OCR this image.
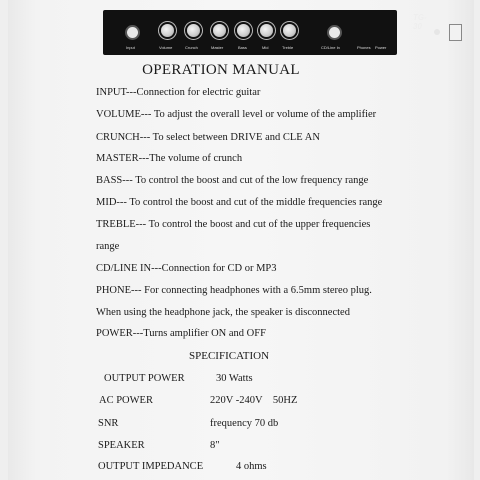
TG-30
Input	Volume	Crunch	Master	Bass	Mid	Treble	CD/Line In	Phones Power
OPERATION MANUAL
INPUT---Connection for electric guitar
VOLUME--- To adjust the overall level or volume of the amplifier
CRUNCH--- To select between DRIVE and CLE AN
MASTER---The volume of crunch
BASS--- To control the boost and cut of the low frequency range
MID--- To control the boost and cut of the middle frequencies range
TREBLE--- To control the boost and cut of the upper frequencies
range
CD/LINE IN---Connection for CD or MP3
PHONE--- For connecting headphones with a 6.5mm stereo plug.
When using the headphone jack, the speaker is disconnected
POWER---Turns amplifier ON and OFF
SPECIFICATION
OUTPUT POWER	30 Watts
AC POWER	220V -240V    50HZ
SNR	frequency 70 db
SPEAKER	8"
OUTPUT IMPEDANCE	4 ohms
